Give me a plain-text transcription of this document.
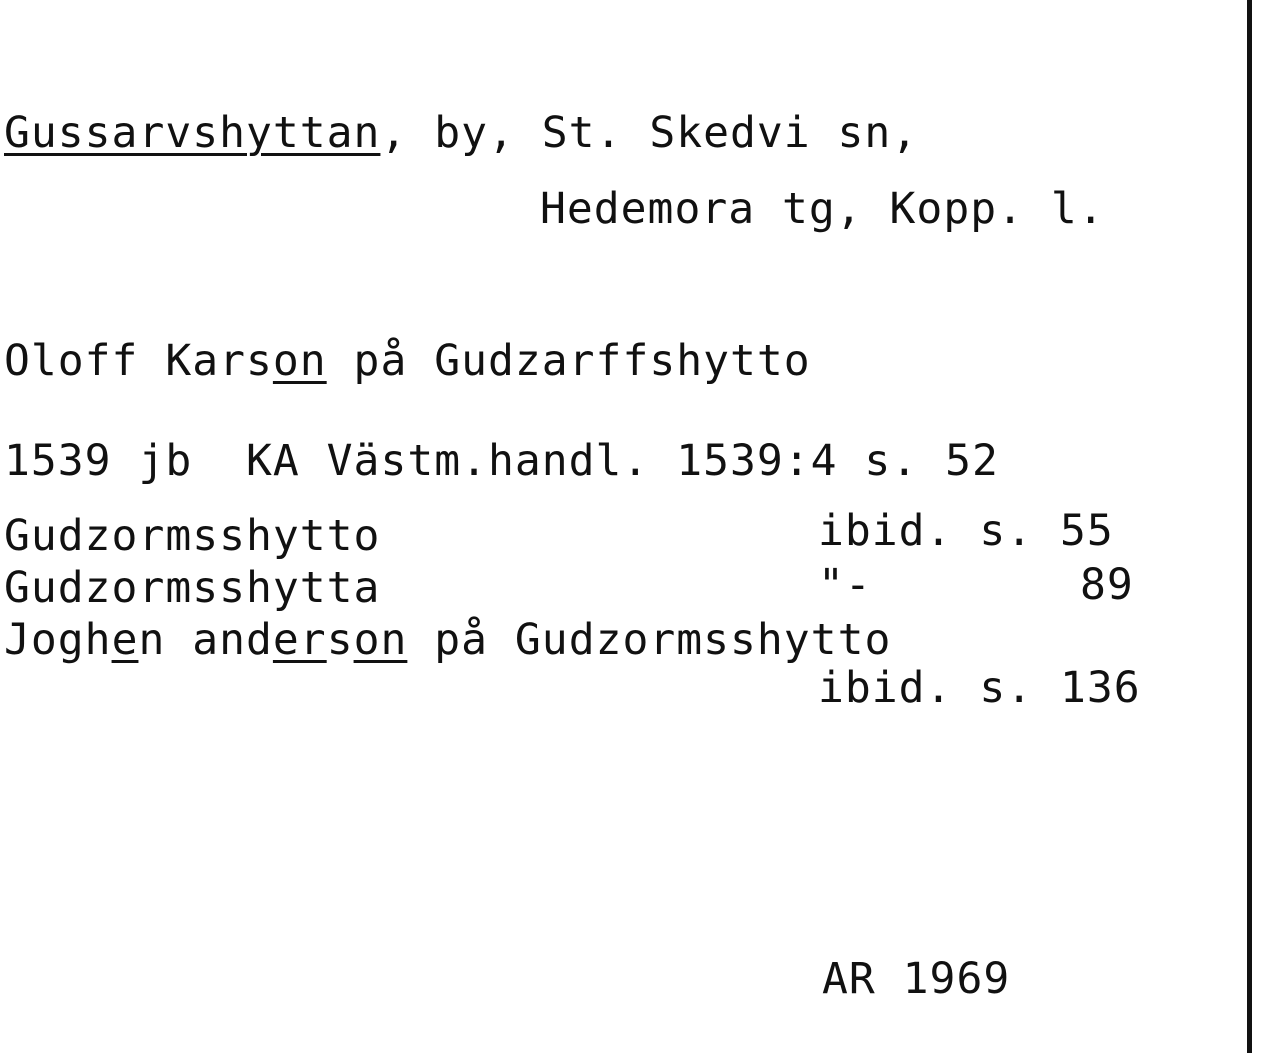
Gussarvshyttan, by, St. Skedvi sn,
Hedemora tg, Kopp. l.
Oloff Karson på Gudzarffshytto
1539 jb KA Västm.handl. 1539:4 s. 52
Gudzormsshytto	ibid. s. 55
Gudzormsshytta	"-	89
Joghen anderson på Gudzormsshytto
ibid. s. 136
AR 1969
